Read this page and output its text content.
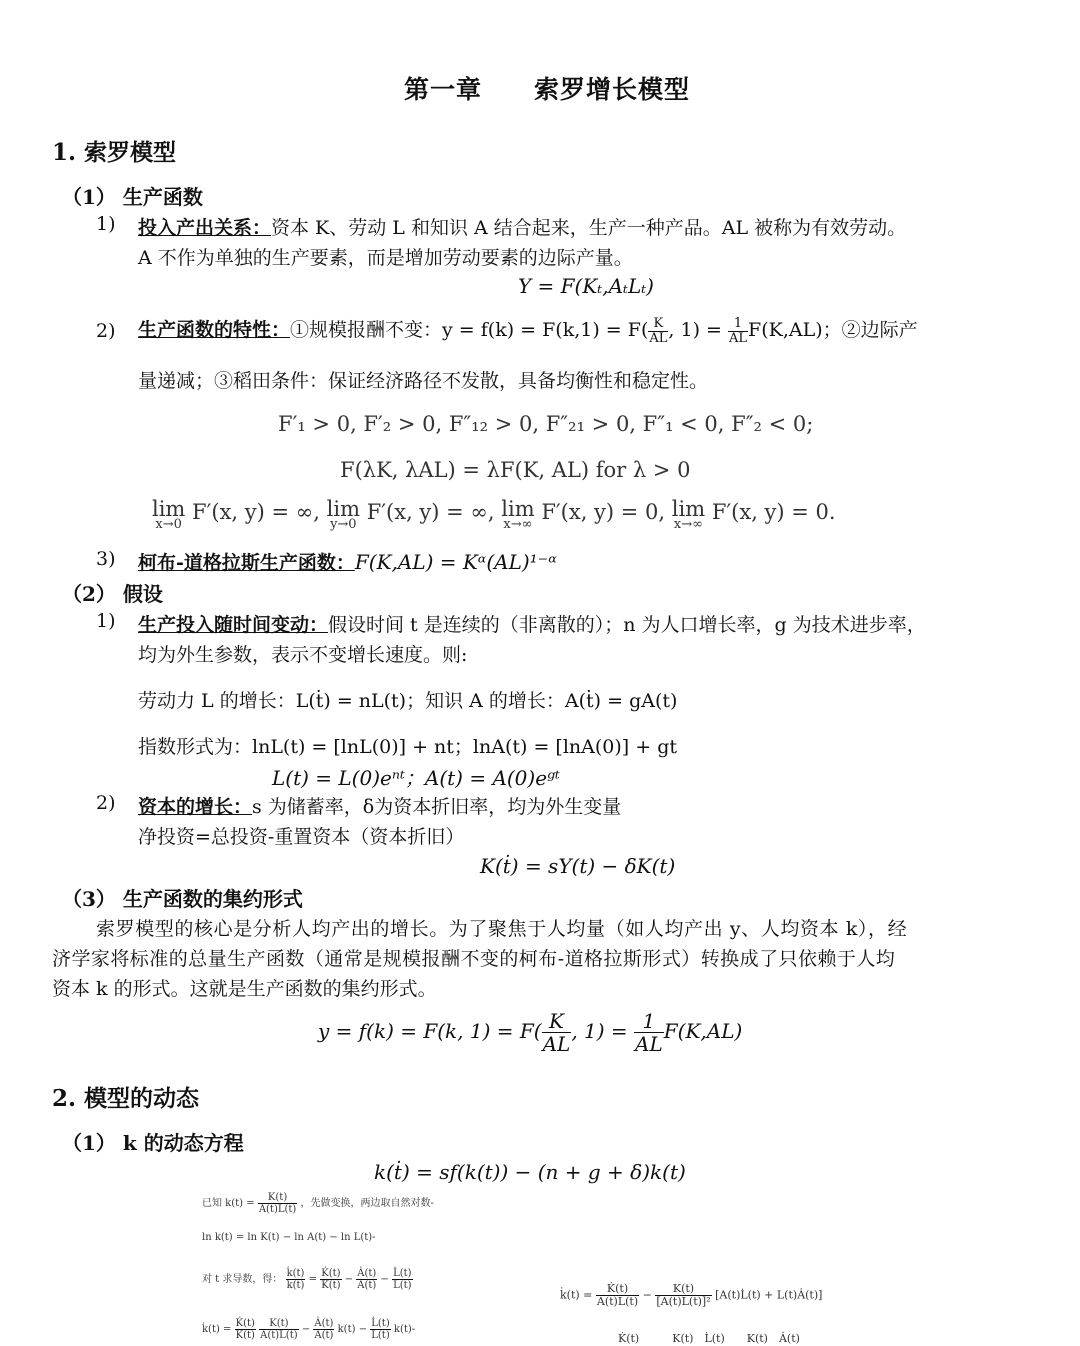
第一章　　索罗增长模型
1. 索罗模型
（1） 生产函数
1) 投入产出关系：资本 K、劳动 L 和知识 A 结合起来，生产一种产品。AL 被称为有效劳动。
A 不作为单独的生产要素，而是增加劳动要素的边际产量。
Y = F(Kₜ,AₜLₜ)
2) 生产函数的特性：①规模报酬不变：$y = f(k) = F(k,1) = F( \frac{K}{AL}$ , $1) = \frac{1}{AL} F(K,AL)$；②边际产
量递减；③稻田条件：保证经济路径不发散，具备均衡性和稳定性。
F′₁ > 0, F′₂ > 0, F″₁₂ > 0, F″₂₁ > 0, F″₁ < 0, F″₂ < 0;
F(λK, λAL) = λF(K, AL) for λ > 0
lim
x→0
F′(x, y) = ∞, lim
y→0
F′(x, y) = ∞, lim
x→∞
F′(x, y) = 0, lim
x→∞
F′(x, y) = 0.
3) 柯布-道格拉斯生产函数：F(K,AL) = Kᵅ(AL)¹⁻ᵅ
（2） 假设
1) 生产投入随时间变动：假设时间 t 是连续的（非离散的）；n 为人口增长率，g 为技术进步率，
均为外生参数，表示不变增长速度。则:
劳动力 L 的增长：L(ṫ) = nL(t)；知识 A 的增长：A(ṫ) = gA(t)
指数形式为：lnL(t) = [lnL(0)] + nt；lnA(t) = [lnA(0)] + gt
L(t) = L(0)eⁿᵗ；A(t) = A(0)eᵍᵗ
2) 资本的增长：s 为储蓄率，δ为资本折旧率，均为外生变量
净投资=总投资-重置资本（资本折旧）
K(ṫ) = sY(t) − δK(t)
（3） 生产函数的集约形式
索罗模型的核心是分析人均产出的增长。为了聚焦于人均量（如人均产出 y、人均资本 k），经
济学家将标准的总量生产函数（通常是规模报酬不变的柯布-道格拉斯形式）转换成了只依赖于人均
资本 k 的形式。这就是生产函数的集约形式。
y = f(k) = F(k, $1) = F( \frac{K}{AL}$ , $1) = \frac{1}{AL} F(K,AL)$
2. 模型的动态
（1） k 的动态方程
k(ṫ) = sf(k(t)) − (n + g + δ)k(t)
已知 $k(t) = \frac{K(t)}{A(t)L(t)}$ ，先做变换，两边取自然对数-
ln k(t) = ln K(t) − ln A(t) − ln L(t)-
对 t 求导数，得： $\frac{k̇(t)}{k(t)} = \frac{K̇(t)}{K(t)} - \frac{Ȧ(t)}{A(t)} - \frac{L̇(t)}{L(t)}$
k̇(t) = $\frac{K̇(t)}{K(t)}$
$\frac{K(t)}{A(t)L(t)} - \frac{Ȧ(t)}{A(t)} k(t) - \frac{L̇(t)}{L(t)} k(t)-$
k̇(t) = $\frac{K̇(t)}{A(t)L(t)} - \frac{K(t)}{\text{[A(t)L(t)]²}}$ [A(t)L̇(t) + L(t)Ȧ(t)]
K̇(t)　　　K(t)　L̇(t)　　K(t)　Ȧ(t)
